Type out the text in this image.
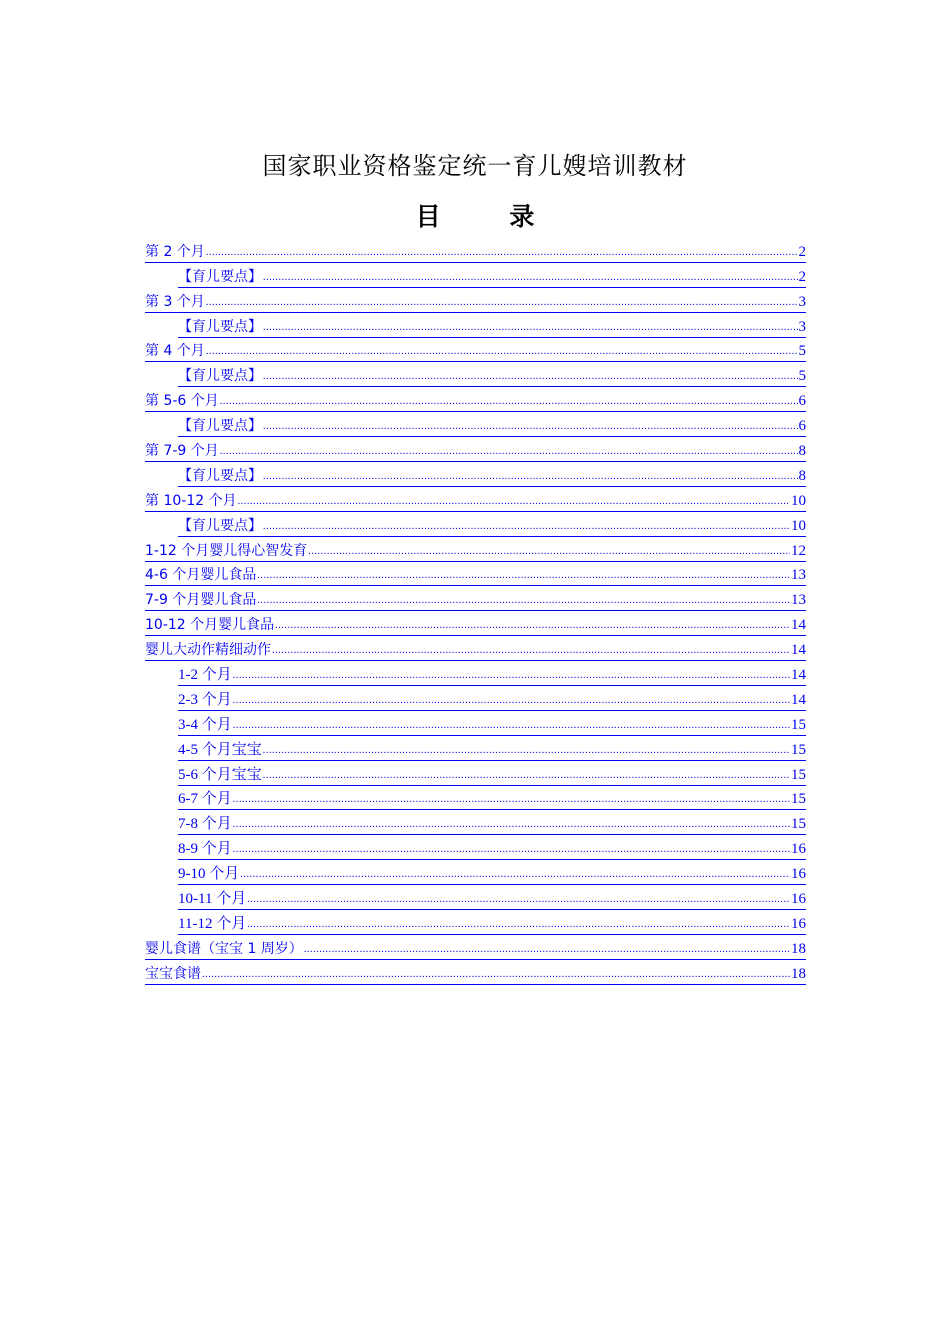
国家职业资格鉴定统一育儿嫂培训教材
目 录
第 2 个月 .....	2
【育儿要点】 .....	2
第 3 个月 .....	3
【育儿要点】 .....	3
第 4 个月 .....	5
【育儿要点】 .....	5
第 5-6 个月 .....	6
【育儿要点】 .....	6
第 7-9 个月 .....	8
【育儿要点】 .....	8
第 10-12 个月 .....	10
【育儿要点】 .....	10
1-12 个月婴儿得心智发育 .....	12
4-6 个月婴儿食品 .....	13
7-9 个月婴儿食品 .....	13
10-12 个月婴儿食品 .....	14
婴儿大动作精细动作 .....	14
1-2 个月 .....	14
2-3 个月 .....	14
3-4 个月 .....	15
4-5 个月宝宝 .....	15
5-6 个月宝宝 .....	15
6-7 个月 .....	15
7-8 个月 .....	15
8-9 个月 .....	16
9-10 个月 .....	16
10-11 个月 .....	16
11-12 个月 .....	16
婴儿食谱（宝宝 1 周岁） .....	18
宝宝食谱 .....	18
